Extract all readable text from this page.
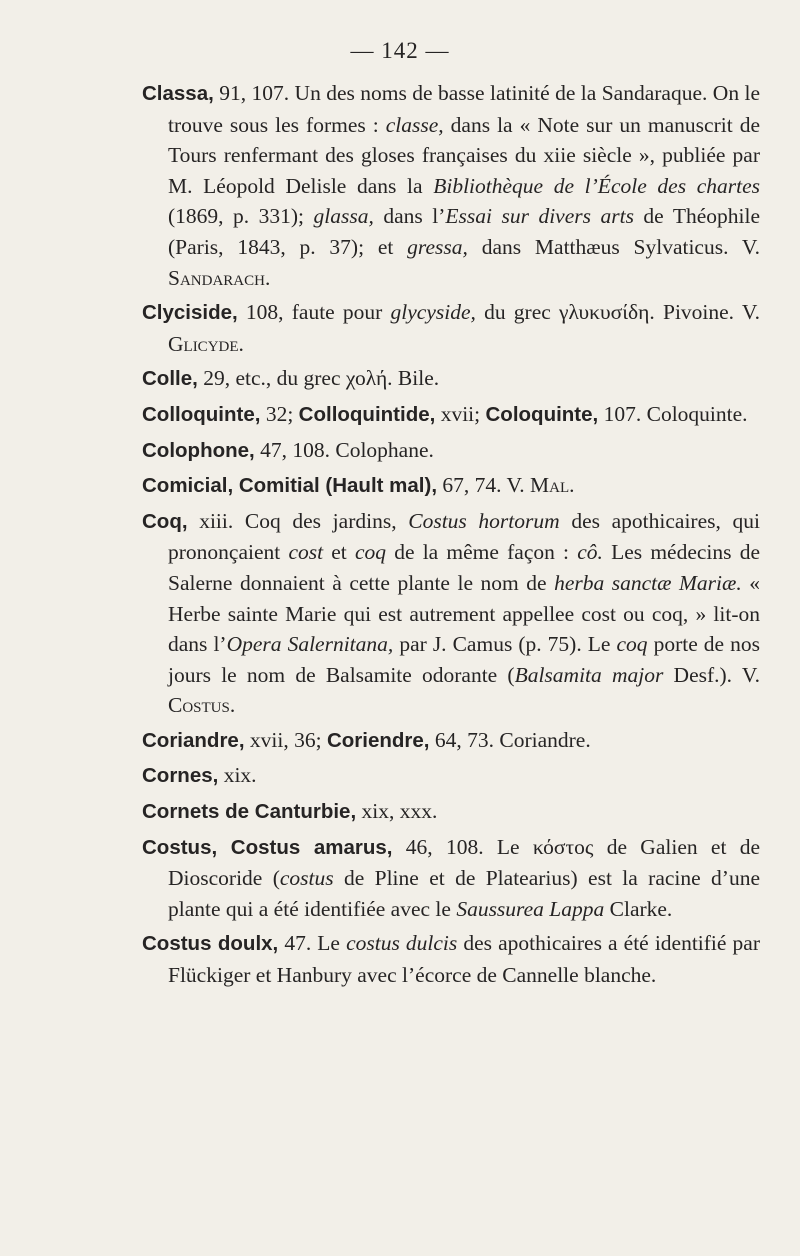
— 142 —

Classa, 91, 107. Un des noms de basse latinité de la Sandaraque. On le trouve sous les formes : classe, dans la « Note sur un manuscrit de Tours renfermant des gloses françaises du xiie siècle », publiée par M. Léopold Delisle dans la Bibliothèque de l’École des chartes (1869, p. 331); glassa, dans l’Essai sur divers arts de Théophile (Paris, 1843, p. 37); et gressa, dans Matthæus Sylvaticus. V. Sandarach.

Clyciside, 108, faute pour glycyside, du grec γλυκυσίδη. Pivoine. V. Glicyde.

Colle, 29, etc., du grec χολή. Bile.

Colloquinte, 32; Colloquintide, xvii; Coloquinte, 107. Coloquinte.

Colophone, 47, 108. Colophane.

Comicial, Comitial (Hault mal), 67, 74. V. Mal.

Coq, xiii. Coq des jardins, Costus hortorum des apothicaires, qui prononçaient cost et coq de la même façon : cô. Les médecins de Salerne donnaient à cette plante le nom de herba sanctæ Mariæ. « Herbe sainte Marie qui est autrement appellee cost ou coq, » lit-on dans l’Opera Salernitana, par J. Camus (p. 75). Le coq porte de nos jours le nom de Balsamite odorante (Balsamita major Desf.). V. Costus.

Coriandre, xvii, 36; Coriendre, 64, 73. Coriandre.

Cornes, xix.

Cornets de Canturbie, xix, xxx.

Costus, Costus amarus, 46, 108. Le κόστος de Galien et de Dioscoride (costus de Pline et de Platearius) est la racine d’une plante qui a été identifiée avec le Saussurea Lappa Clarke.

Costus doulx, 47. Le costus dulcis des apothicaires a été identifié par Flückiger et Hanbury avec l’écorce de Cannelle blanche.
